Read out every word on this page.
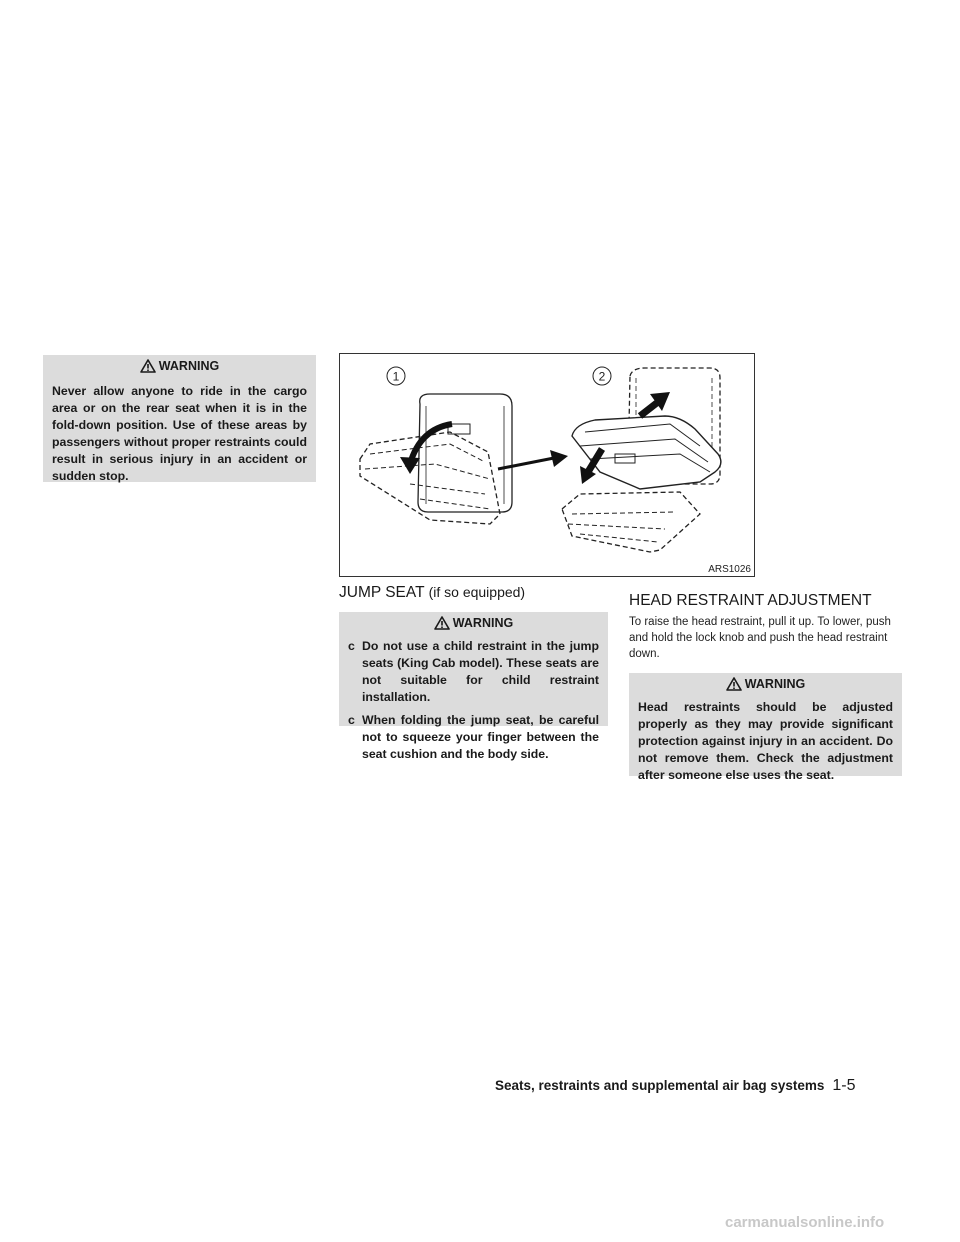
WARNING
Never allow anyone to ride in the cargo area or on the rear seat when it is in the fold-down position. Use of these areas by passengers without proper restraints could result in serious injury in an accident or sudden stop.
1	2
ARS1026
JUMP SEAT (if so equipped)
WARNING
c Do not use a child restraint in the jump seats (King Cab model). These seats are not suitable for child restraint installation.
c When folding the jump seat, be careful not to squeeze your finger between the seat cushion and the body side.
HEAD RESTRAINT ADJUSTMENT
To raise the head restraint, pull it up. To lower, push and hold the lock knob and push the head restraint down.
WARNING
Head restraints should be adjusted properly as they may provide significant protection against injury in an accident. Do not remove them. Check the adjustment after someone else uses the seat.
Seats, restraints and supplemental air bag systems 1-5
carmanualsonline.info
